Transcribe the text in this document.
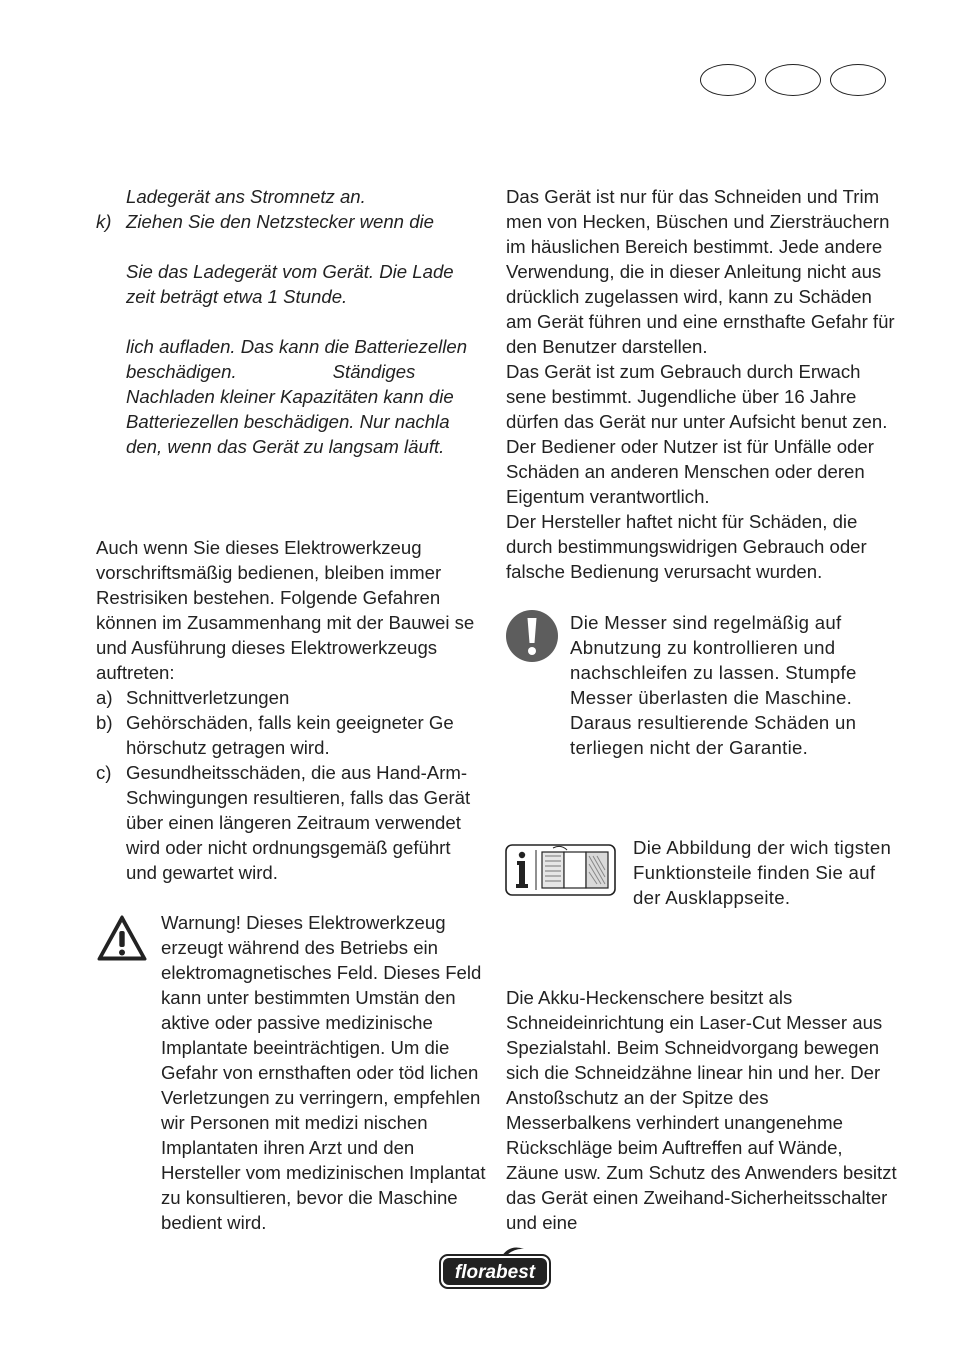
Ladegerät ans Stromnetz an.

k) Ziehen Sie den Netzstecker wenn die

Sie das Ladegerät vom Gerät. Die Lade

zeit beträgt etwa 1 Stunde.

lich aufladen. Das kann die Batteriezellen

beschädigen.	Ständiges

Nachladen kleiner Kapazitäten kann die

Batteriezellen beschädigen. Nur nachla

den, wenn das Gerät zu langsam läuft.

Auch wenn Sie dieses Elektrowerkzeug vorschriftsmäßig bedienen, bleiben immer Restrisiken bestehen. Folgende Gefahren können im Zusammenhang mit der Bauwei se und Ausführung dieses Elektrowerkzeugs auftreten:

a) Schnittverletzungen
b) Gehörschäden, falls kein geeigneter Ge hörschutz getragen wird.
c) Gesundheitsschäden, die aus Hand-Arm-Schwingungen resultieren, falls das Gerät über einen längeren Zeitraum verwendet wird oder nicht ordnungsgemäß geführt und gewartet wird.

Warnung! Dieses Elektrowerkzeug erzeugt während des Betriebs ein elektromagnetisches Feld. Dieses Feld kann unter bestimmten Umstän den aktive oder passive medizinische Implantate beeinträchtigen. Um die Gefahr von ernsthaften oder töd lichen Verletzungen zu verringern, empfehlen wir Personen mit medizi nischen Implantaten ihren Arzt und den Hersteller vom medizinischen Implantat zu konsultieren, bevor die Maschine bedient wird.

Das Gerät ist nur für das Schneiden und Trim men von Hecken, Büschen und Ziersträuchern im häuslichen Bereich bestimmt. Jede andere Verwendung, die in dieser Anleitung nicht aus drücklich zugelassen wird, kann zu Schäden am Gerät führen und eine ernsthafte Gefahr für den Benutzer darstellen.

Das Gerät ist zum Gebrauch durch Erwach sene bestimmt. Jugendliche über 16 Jahre dürfen das Gerät nur unter Aufsicht benut zen. Der Bediener oder Nutzer ist für Unfälle oder Schäden an anderen Menschen oder deren Eigentum verantwortlich.

Der Hersteller haftet nicht für Schäden, die durch bestimmungswidrigen Gebrauch oder falsche Bedienung verursacht wurden.

Die Messer sind regelmäßig auf Abnutzung zu kontrollieren und nachschleifen zu lassen. Stumpfe Messer überlasten die Maschine. Daraus resultierende Schäden un terliegen nicht der Garantie.

Die Abbildung der wich tigsten Funktionsteile finden Sie auf der Ausklappseite.

Die Akku-Heckenschere besitzt als Schneideinrichtung ein Laser-Cut Messer aus Spezialstahl. Beim Schneidvorgang bewegen sich die Schneidzähne linear hin und her. Der Anstoßschutz an der Spitze des Messerbalkens verhindert unangenehme Rückschläge beim Auftreffen auf Wände, Zäune usw. Zum Schutz des Anwenders besitzt das Gerät einen Zweihand-Sicherheitsschalter und eine

florabest
